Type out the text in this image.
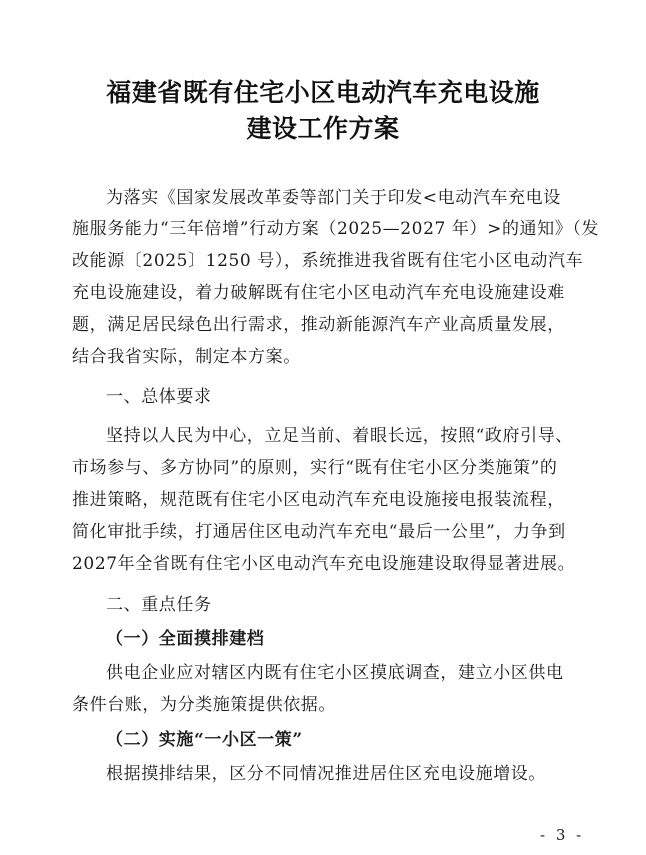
福建省既有住宅小区电动汽车充电设施
建设工作方案
为落实《国家发展改革委等部门关于印发<电动汽车充电设
施服务能力“三年倍增”行动方案（2025—2027 年）>的通知》（发
改能源〔2025〕1250 号），系统推进我省既有住宅小区电动汽车
充电设施建设，着力破解既有住宅小区电动汽车充电设施建设难
题，满足居民绿色出行需求，推动新能源汽车产业高质量发展，
结合我省实际，制定本方案。
一、总体要求
坚持以人民为中心，立足当前、着眼长远，按照“政府引导、
市场参与、多方协同”的原则，实行“既有住宅小区分类施策”的
推进策略，规范既有住宅小区电动汽车充电设施接电报装流程，
简化审批手续，打通居住区电动汽车充电“最后一公里”，力争到
2027年全省既有住宅小区电动汽车充电设施建设取得显著进展。
二、重点任务
（一）全面摸排建档
供电企业应对辖区内既有住宅小区摸底调查，建立小区供电
条件台账，为分类施策提供依据。
（二）实施“一小区一策”
根据摸排结果，区分不同情况推进居住区充电设施增设。
- 3 -
